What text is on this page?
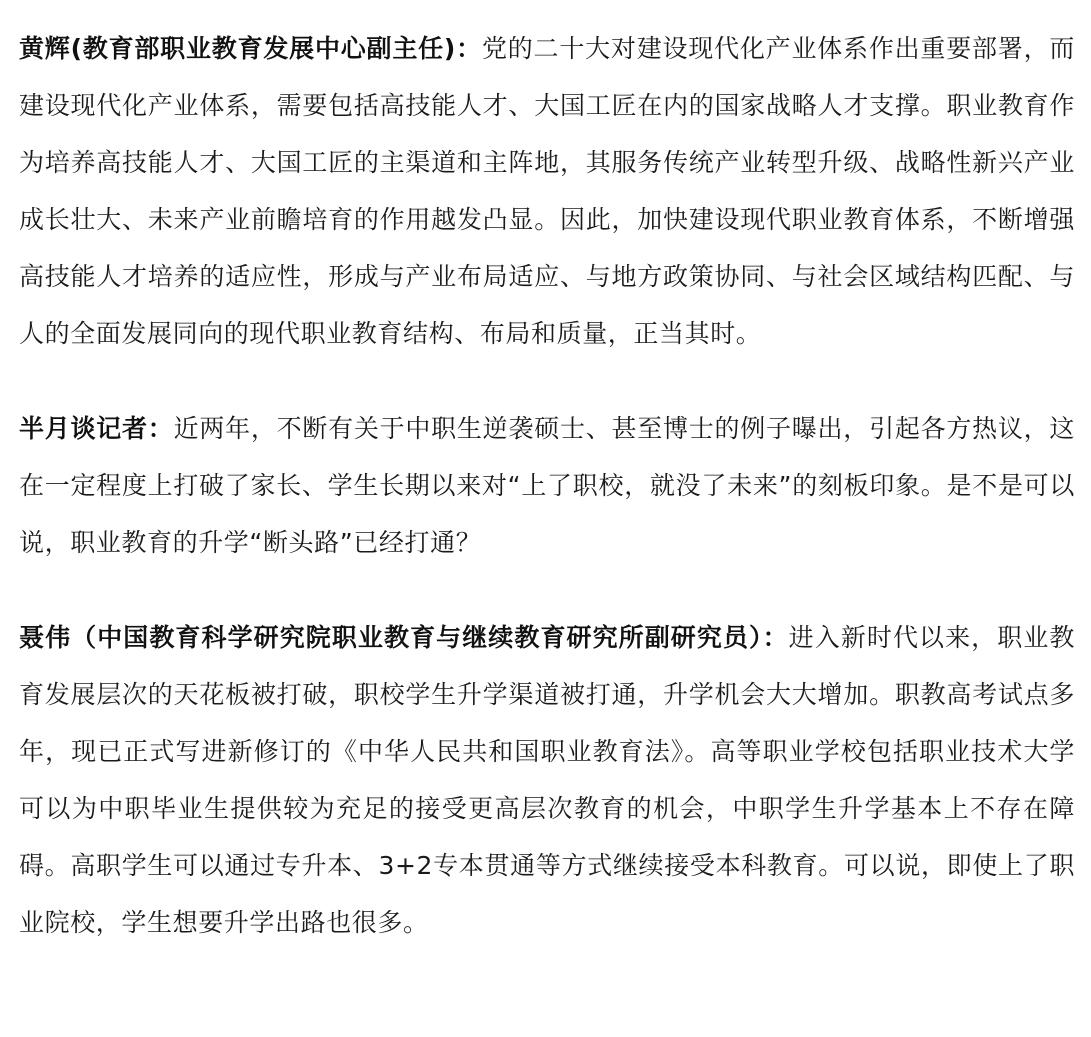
黄辉(教育部职业教育发展中心副主任)：党的二十大对建设现代化产业体系作出重要部署，而建设现代化产业体系，需要包括高技能人才、大国工匠在内的国家战略人才支撑。职业教育作为培养高技能人才、大国工匠的主渠道和主阵地，其服务传统产业转型升级、战略性新兴产业成长壮大、未来产业前瞻培育的作用越发凸显。因此，加快建设现代职业教育体系，不断增强高技能人才培养的适应性，形成与产业布局适应、与地方政策协同、与社会区域结构匹配、与人的全面发展同向的现代职业教育结构、布局和质量，正当其时。

半月谈记者：近两年，不断有关于中职生逆袭硕士、甚至博士的例子曝出，引起各方热议，这在一定程度上打破了家长、学生长期以来对“上了职校，就没了未来”的刻板印象。是不是可以说，职业教育的升学“断头路”已经打通？

聂伟（中国教育科学研究院职业教育与继续教育研究所副研究员）：进入新时代以来，职业教育发展层次的天花板被打破，职校学生升学渠道被打通，升学机会大大增加。职教高考试点多年，现已正式写进新修订的《中华人民共和国职业教育法》。高等职业学校包括职业技术大学可以为中职毕业生提供较为充足的接受更高层次教育的机会，中职学生升学基本上不存在障碍。高职学生可以通过专升本、3+2专本贯通等方式继续接受本科教育。可以说，即使上了职业院校，学生想要升学出路也很多。
